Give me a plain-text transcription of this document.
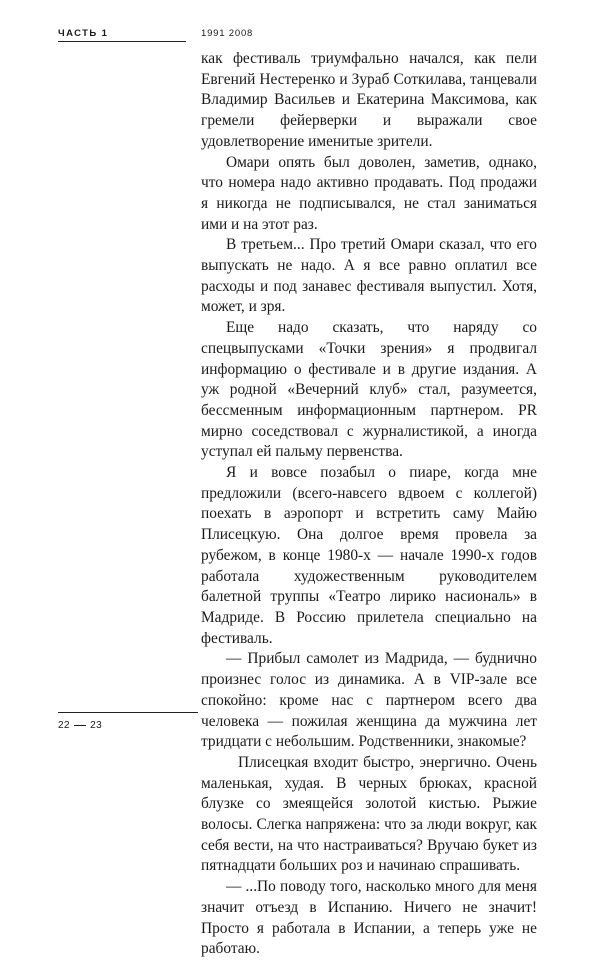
ЧАСТЬ 1	1991 2008

как фестиваль триумфально начался, как пели Евгений Нестеренко и Зураб Соткилава, танцевали Владимир Васильев и Екатерина Максимова, как гремели фейерверки и выражали свое удовлетворение именитые зрители.

Омари опять был доволен, заметив, однако, что номера надо активно продавать. Под продажи я никогда не подписывался, не стал заниматься ими и на этот раз.

В третьем... Про третий Омари сказал, что его выпускать не надо. А я все равно оплатил все расходы и под занавес фестиваля выпустил. Хотя, может, и зря.

Еще надо сказать, что наряду со спецвыпусками «Точки зрения» я продвигал информацию о фестивале и в другие издания. А уж родной «Вечерний клуб» стал, разумеется, бессменным информационным партнером. PR мирно соседствовал с журналистикой, а иногда уступал ей пальму первенства.

Я и вовсе позабыл о пиаре, когда мне предложили (всего-навсего вдвоем с коллегой) поехать в аэропорт и встретить саму Майю Плисецкую. Она долгое время провела за рубежом, в конце 1980-х — начале 1990-х годов работала художественным руководителем балетной труппы «Театро лирико насиональ» в Мадриде. В Россию прилетела специально на фестиваль.

— Прибыл самолет из Мадрида, — буднично произнес голос из динамика. А в VIP-зале все спокойно: кроме нас с партнером всего два человека — пожилая женщина да мужчина лет тридцати с небольшим. Родственники, знакомые?

Плисецкая входит быстро, энергично. Очень маленькая, худая. В черных брюках, красной блузке со змеящейся золотой кистью. Рыжие волосы. Слегка напряжена: что за люди вокруг, как себя вести, на что настраиваться? Вручаю букет из пятнадцати больших роз и начинаю спрашивать.

— ...По поводу того, насколько много для меня значит отъезд в Испанию. Ничего не значит! Просто я работала в Испании, а теперь уже не работаю.

22 23
